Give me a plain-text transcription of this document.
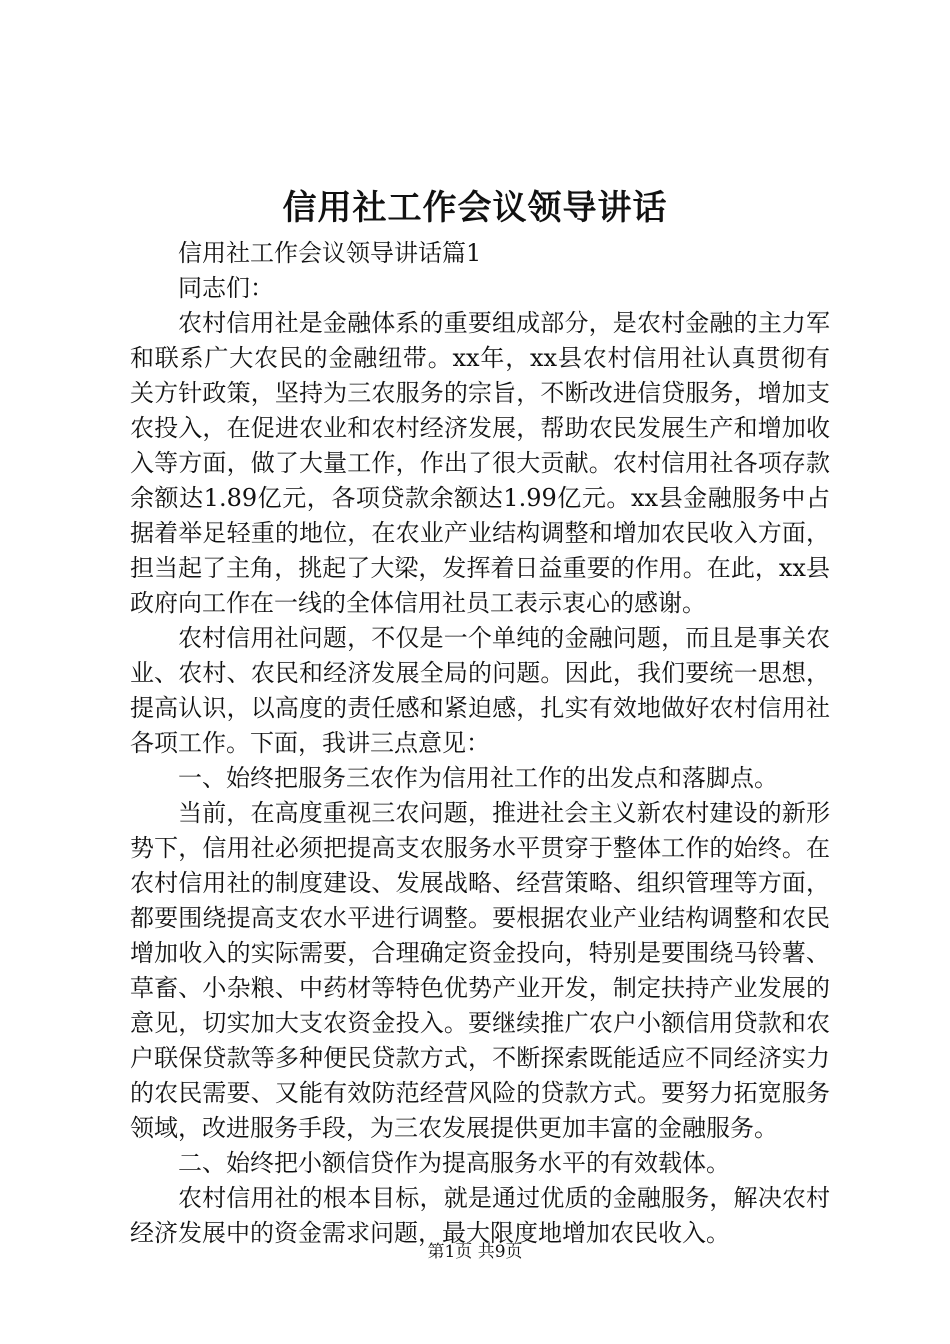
信用社工作会议领导讲话

信用社工作会议领导讲话篇1

同志们：

农村信用社是金融体系的重要组成部分，是农村金融的主力军和联系广大农民的金融纽带。xx年，xx县农村信用社认真贯彻有关方针政策，坚持为三农服务的宗旨，不断改进信贷服务，增加支农投入，在促进农业和农村经济发展，帮助农民发展生产和增加收入等方面，做了大量工作，作出了很大贡献。农村信用社各项存款余额达1.89亿元，各项贷款余额达1.99亿元。xx县金融服务中占据着举足轻重的地位，在农业产业结构调整和增加农民收入方面，担当起了主角，挑起了大梁，发挥着日益重要的作用。在此，xx县政府向工作在一线的全体信用社员工表示衷心的感谢。

农村信用社问题，不仅是一个单纯的金融问题，而且是事关农业、农村、农民和经济发展全局的问题。因此，我们要统一思想，提高认识，以高度的责任感和紧迫感，扎实有效地做好农村信用社各项工作。下面，我讲三点意见：

一、始终把服务三农作为信用社工作的出发点和落脚点。

当前，在高度重视三农问题，推进社会主义新农村建设的新形势下，信用社必须把提高支农服务水平贯穿于整体工作的始终。在农村信用社的制度建设、发展战略、经营策略、组织管理等方面，都要围绕提高支农水平进行调整。要根据农业产业结构调整和农民增加收入的实际需要，合理确定资金投向，特别是要围绕马铃薯、草畜、小杂粮、中药材等特色优势产业开发，制定扶持产业发展的意见，切实加大支农资金投入。要继续推广农户小额信用贷款和农户联保贷款等多种便民贷款方式，不断探索既能适应不同经济实力的农民需要、又能有效防范经营风险的贷款方式。要努力拓宽服务领域，改进服务手段，为三农发展提供更加丰富的金融服务。

二、始终把小额信贷作为提高服务水平的有效载体。

农村信用社的根本目标，就是通过优质的金融服务，解决农村经济发展中的资金需求问题，最大限度地增加农民收入。

第1页 共9页
